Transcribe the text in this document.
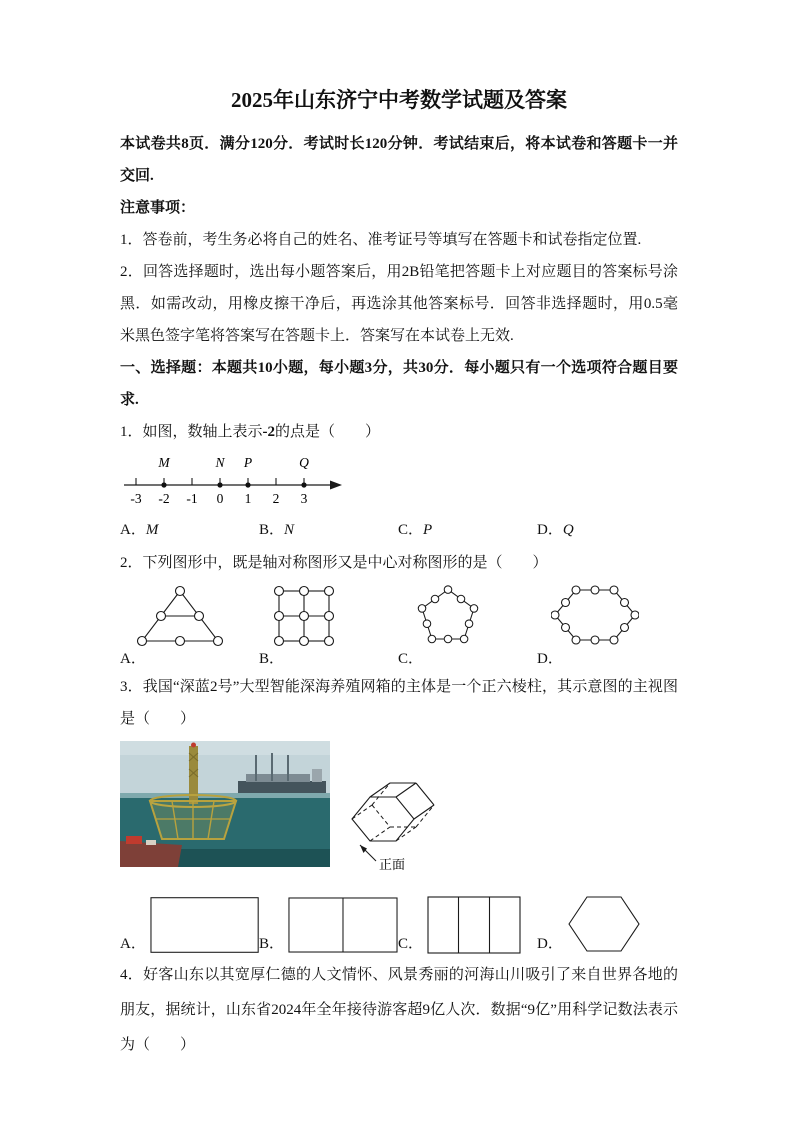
2025年山东济宁中考数学试题及答案

本试卷共8页．满分120分．考试时长120分钟．考试结束后，将本试卷和答题卡一并交回.

注意事项：

1．答卷前，考生务必将自己的姓名、准考证号等填写在答题卡和试卷指定位置.

2．回答选择题时，选出每小题答案后，用2B铅笔把答题卡上对应题目的答案标号涂黑．如需改动，用橡皮擦干净后，再选涂其他答案标号．回答非选择题时，用0.5毫米黑色签字笔将答案写在答题卡上．答案写在本试卷上无效.

一、选择题：本题共10小题，每小题3分，共30分．每小题只有一个选项符合题目要求.

1．如图，数轴上表示-2的点是（　　）

M	N P	Q
-3 -2 -1 0 1 2 3
A．M	B．N	C．P	D．Q

2．下列图形中，既是轴对称图形又是中心对称图形的是（　　）

A．	B．	C．	D．

3．我国“深蓝2号”大型智能深海养殖网箱的主体是一个正六棱柱，其示意图的主视图是（　　）

正面
A．	B．	C．	D．

4．好客山东以其宽厚仁德的人文情怀、风景秀丽的河海山川吸引了来自世界各地的朋友，据统计，山东省2024年全年接待游客超9亿人次．数据“9亿”用科学记数法表示为（　　）
